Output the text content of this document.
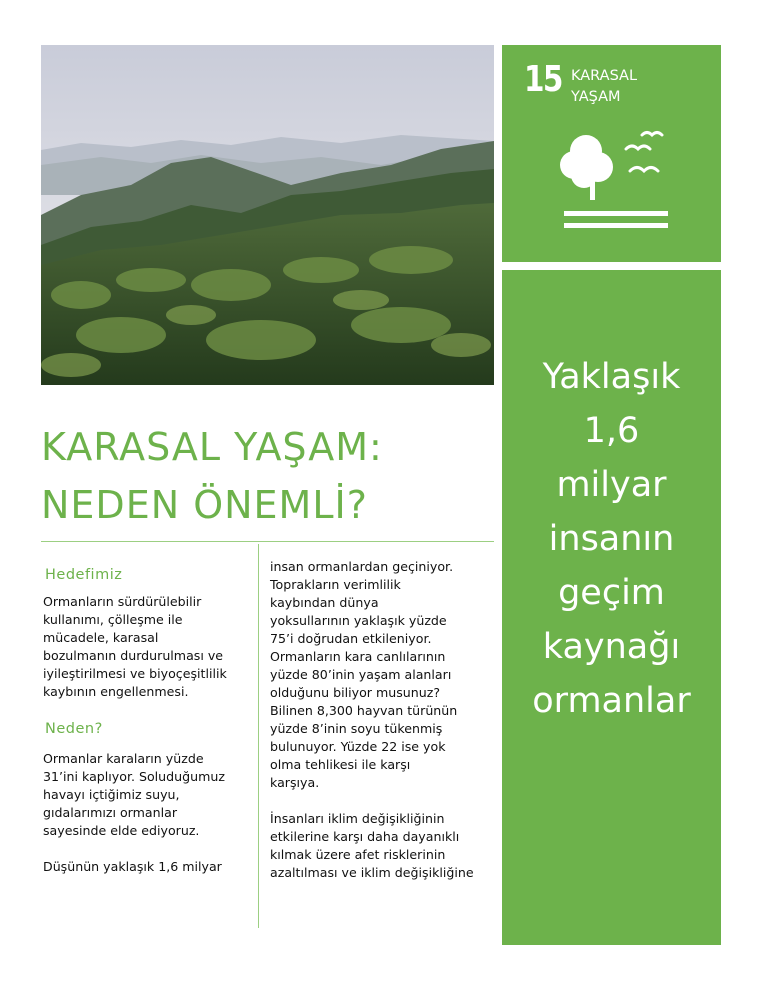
15 KARASAL
YAŞAM
Yaklaşık
1,6
milyar
insanın
geçim
kaynağı
ormanlar
KARASAL YAŞAM:
NEDEN ÖNEMLİ?
Hedefimiz
Ormanların sürdürülebilir
kullanımı, çölleşme ile
mücadele, karasal
bozulmanın durdurulması ve
iyileştirilmesi ve biyoçeşitlilik
kaybının engellenmesi.
Neden?
Ormanlar karaların yüzde
31’ini kaplıyor. Soluduğumuz
havayı içtiğimiz suyu,
gıdalarımızı ormanlar
sayesinde elde ediyoruz.
Düşünün yaklaşık 1,6 milyar
insan ormanlardan geçiniyor.
Toprakların verimlilik
kaybından dünya
yoksullarının yaklaşık yüzde
75’i doğrudan etkileniyor.
Ormanların kara canlılarının
yüzde 80’inin yaşam alanları
olduğunu biliyor musunuz?
Bilinen 8,300 hayvan türünün
yüzde 8’inin soyu tükenmiş
bulunuyor. Yüzde 22 ise yok
olma tehlikesi ile karşı
karşıya.
İnsanları iklim değişikliğinin
etkilerine karşı daha dayanıklı
kılmak üzere afet risklerinin
azaltılması ve iklim değişikliğine
